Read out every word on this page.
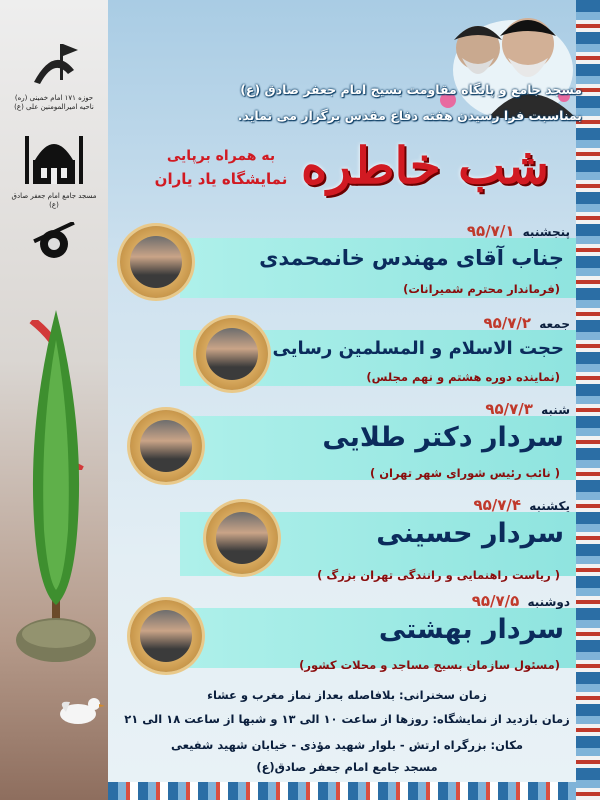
حوزه ۱۷۱ امام خمینی (ره)
ناحیه امیرالمومنین علی (ع)
مسجد جامع امام جعفر صادق (ع)
مسجد جامع و پایگاه مقاومت بسیج امام جعفر صادق (ع)
بمناسبت فرا رسیدن هفته دفاع مقدس برگزار می نماید.
شب خاطره
به همراه برپایی
نمایشگاه یاد یاران
پنجشنبه ۹۵/۷/۱
جناب آقای مهندس خانمحمدی
(فرماندار محترم شمیرانات)
جمعه ۹۵/۷/۲
حجت الاسلام و المسلمین رسایی
(نماینده دوره هشتم و نهم مجلس)
شنبه ۹۵/۷/۳
سردار دکتر طلایی
( نائب رئیس شورای شهر تهران )
یکشنبه ۹۵/۷/۴
سردار حسینی
( ریاست راهنمایی و رانندگی تهران بزرگ )
دوشنبه ۹۵/۷/۵
سردار بهشتی
(مسئول سازمان بسیج مساجد و محلات کشور)
زمان سخنرانی: بلافاصله بعداز نماز مغرب و عشاء
زمان بازدید از نمایشگاه: روزها از ساعت ۱۰ الی ۱۳ و شبها از ساعت ۱۸ الی ۲۱
مکان: بزرگراه ارتش - بلوار شهید مؤذی - خیابان شهید شفیعی
مسجد جامع امام جعفر صادق(ع)
